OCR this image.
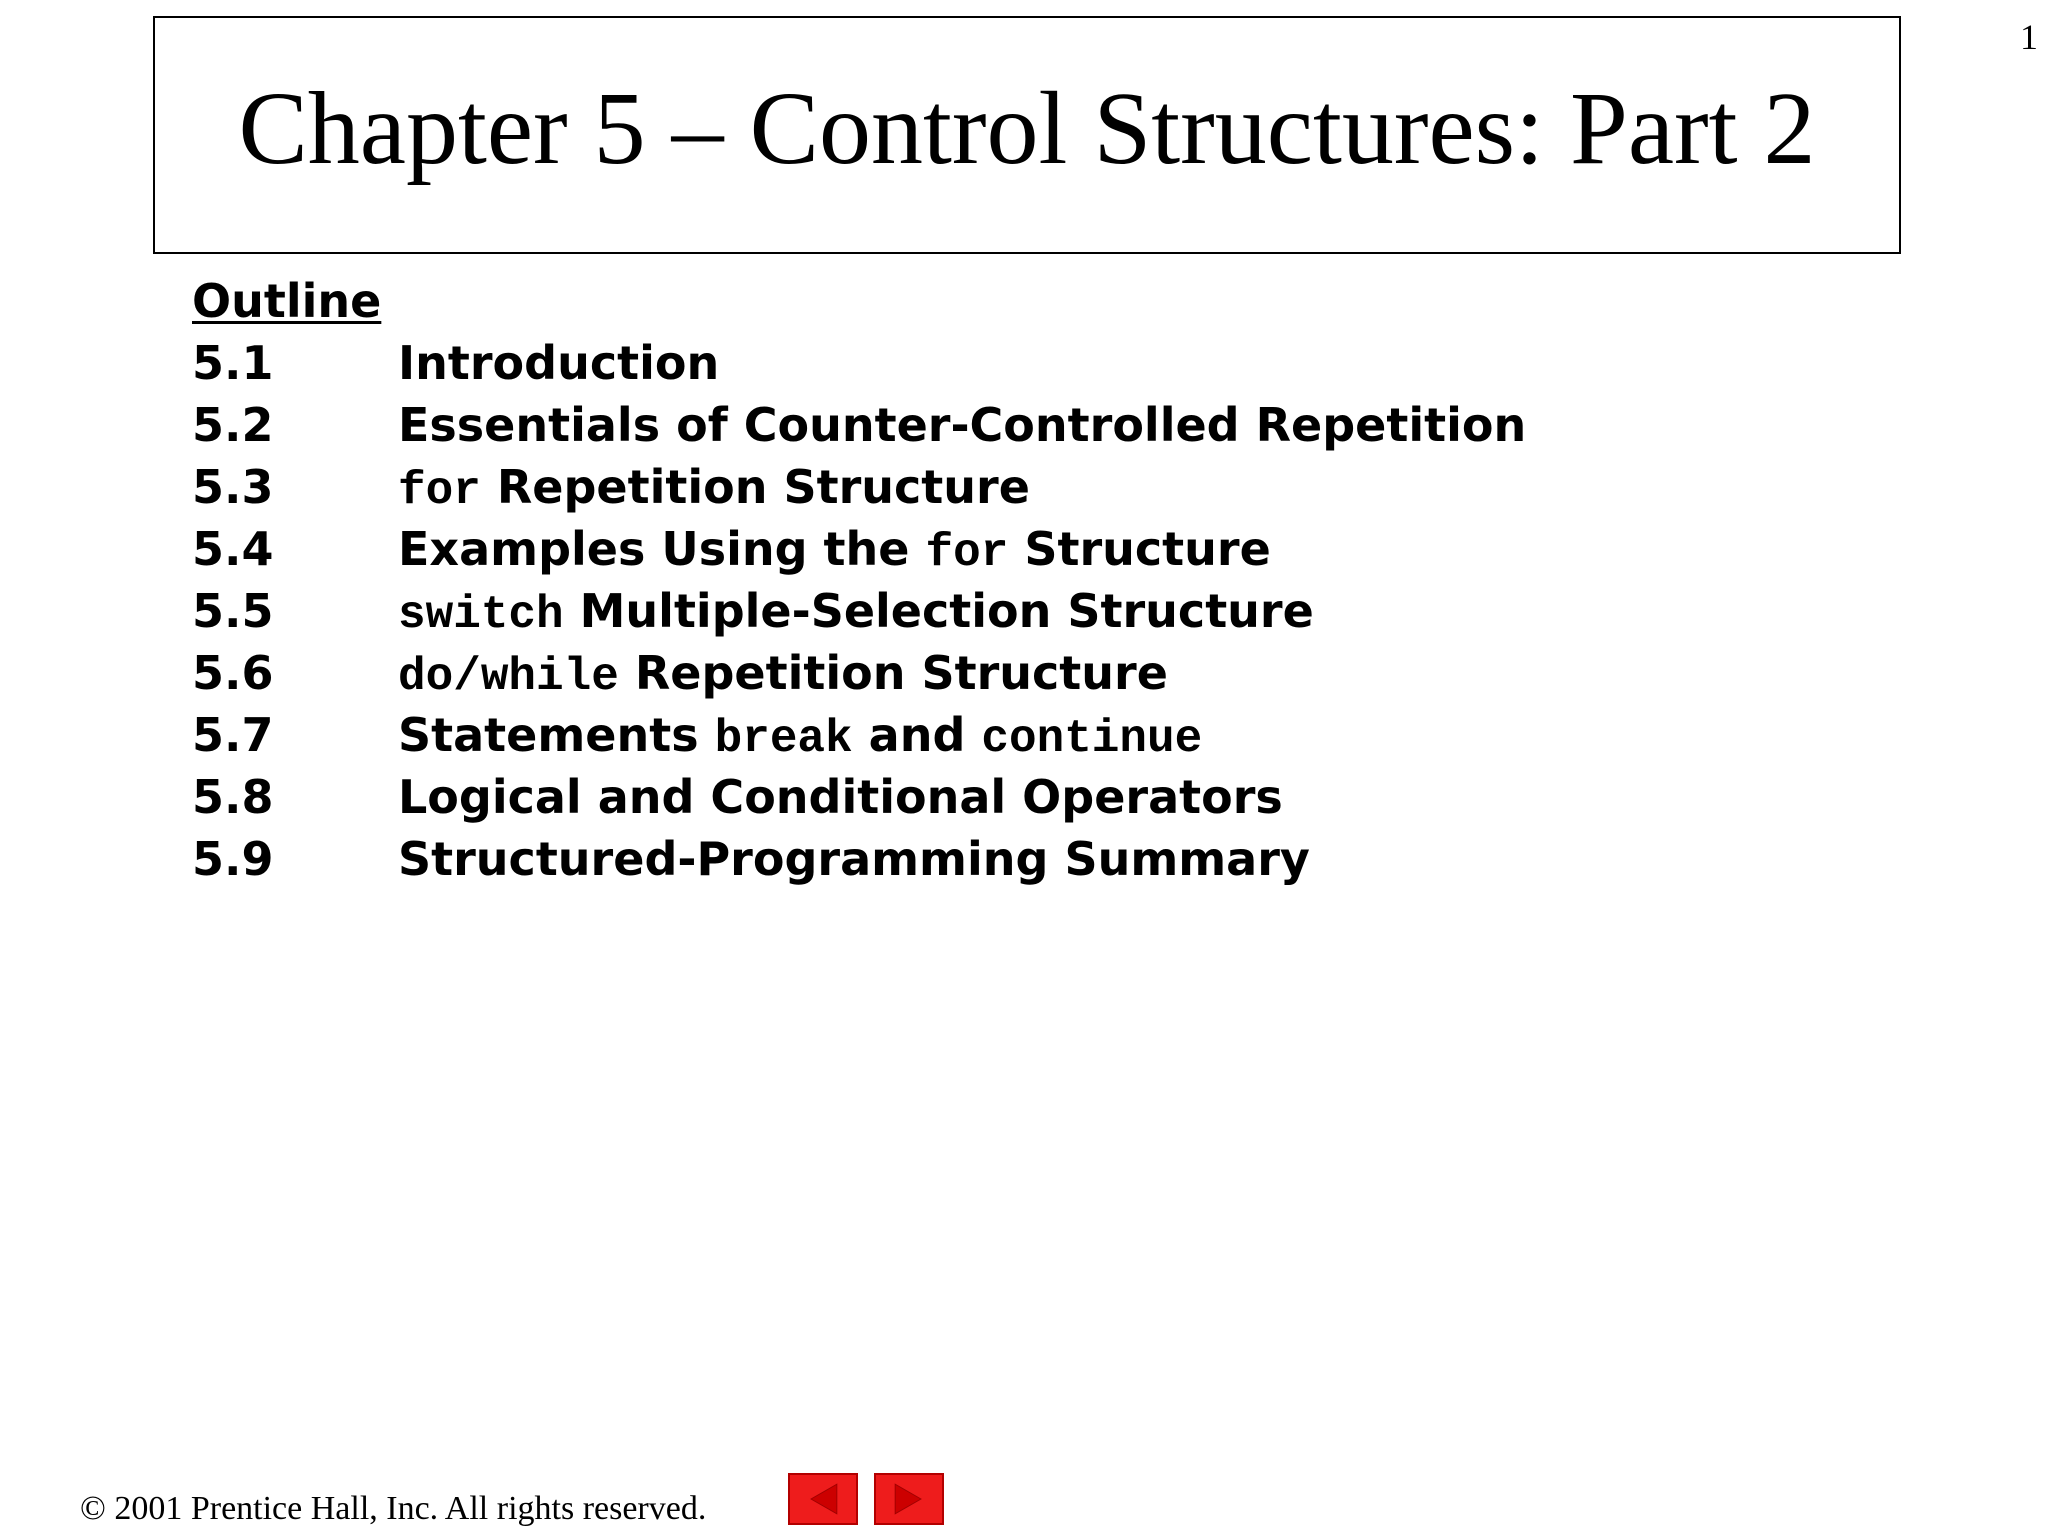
1
Chapter 5 – Control Structures: Part 2
Outline
5.1	Introduction
5.2	Essentials of Counter-Controlled Repetition
5.3	for Repetition Structure
5.4	Examples Using the for Structure
5.5	switch Multiple-Selection Structure
5.6	do/while Repetition Structure
5.7	Statements break and continue
5.8	Logical and Conditional Operators
5.9	Structured-Programming Summary
© 2001 Prentice Hall, Inc. All rights reserved.
